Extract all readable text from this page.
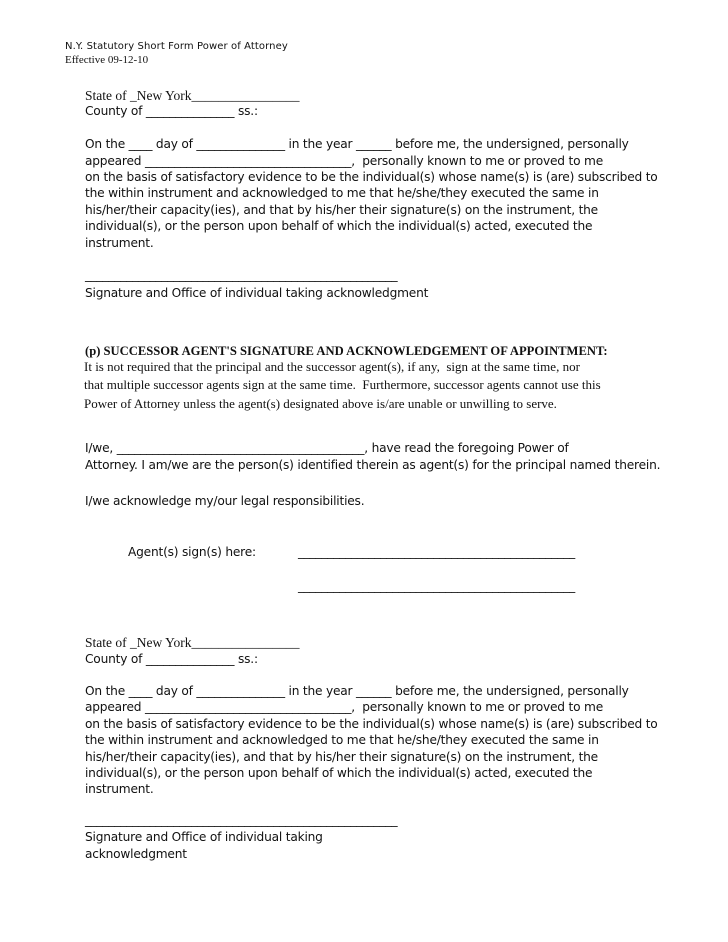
N.Y. Statutory Short Form Power of Attorney
Effective 09-12-10
State of _New York________________
County of _______________ ss.:
On the ____ day of _______________ in the year ______ before me, the undersigned, personally
appeared ___________________________________,  personally known to me or proved to me
on the basis of satisfactory evidence to be the individual(s) whose name(s) is (are) subscribed to
the within instrument and acknowledged to me that he/she/they executed the same in
his/her/their capacity(ies), and that by his/her their signature(s) on the instrument, the
individual(s), or the person upon behalf of which the individual(s) acted, executed the
instrument.
_____________________________________________________
Signature and Office of individual taking acknowledgment
(p) SUCCESSOR AGENT'S SIGNATURE AND ACKNOWLEDGEMENT OF APPOINTMENT:
It is not required that the principal and the successor agent(s), if any,  sign at the same time, nor
that multiple successor agents sign at the same time.  Furthermore, successor agents cannot use this
Power of Attorney unless the agent(s) designated above is/are unable or unwilling to serve.
I/we, __________________________________________, have read the foregoing Power of
Attorney. I am/we are the person(s) identified therein as agent(s) for the principal named therein.
I/we acknowledge my/our legal responsibilities.
Agent(s) sign(s) here:	_______________________________________________
_______________________________________________
State of _New York________________
County of _______________ ss.:
On the ____ day of _______________ in the year ______ before me, the undersigned, personally
appeared ___________________________________,  personally known to me or proved to me
on the basis of satisfactory evidence to be the individual(s) whose name(s) is (are) subscribed to
the within instrument and acknowledged to me that he/she/they executed the same in
his/her/their capacity(ies), and that by his/her their signature(s) on the instrument, the
individual(s), or the person upon behalf of which the individual(s) acted, executed the
instrument.
_____________________________________________________
Signature and Office of individual taking
acknowledgment
